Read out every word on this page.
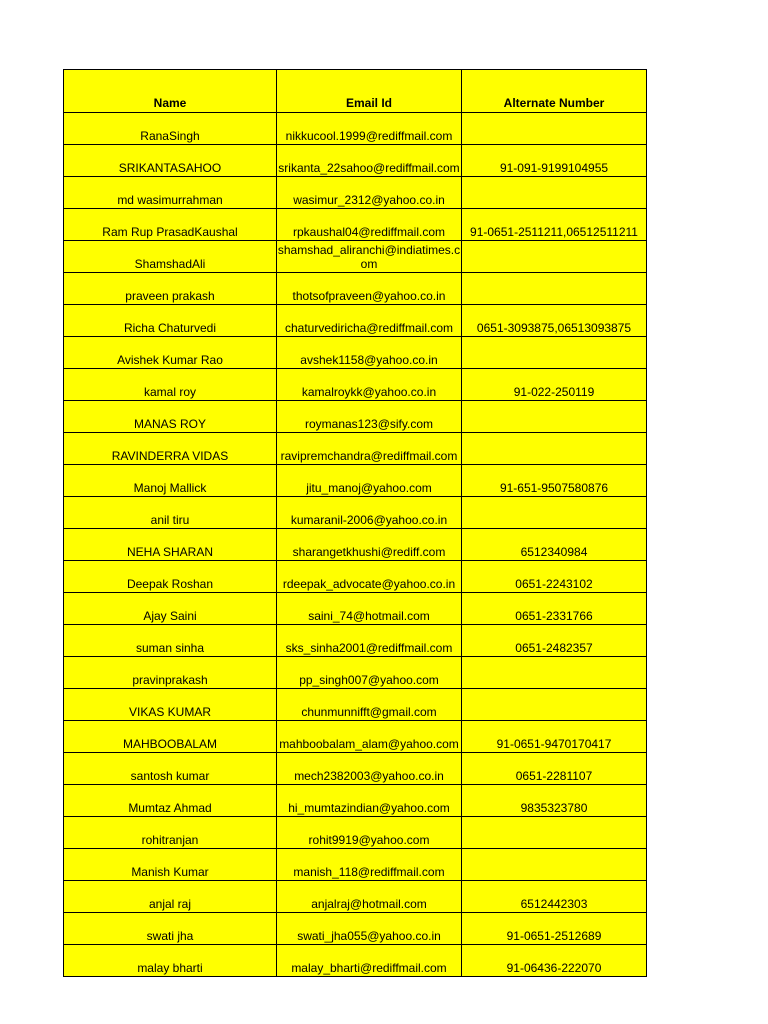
Name	Email Id	Alternate Number
RanaSingh	nikkucool.1999@rediffmail.com	
SRIKANTASAHOO	srikanta_22sahoo@rediffmail.com	91-091-9199104955
md wasimurrahman	wasimur_2312@yahoo.co.in	
Ram Rup PrasadKaushal	rpkaushal04@rediffmail.com	91-0651-2511211,06512511211
ShamshadAli	shamshad_aliranchi@indiatimes.com	
praveen prakash	thotsofpraveen@yahoo.co.in	
Richa Chaturvedi	chaturvediricha@rediffmail.com	0651-3093875,06513093875
Avishek Kumar Rao	avshek1158@yahoo.co.in	
kamal roy	kamalroykk@yahoo.co.in	91-022-250119
MANAS ROY	roymanas123@sify.com	
RAVINDERRA VIDAS	ravipremchandra@rediffmail.com	
Manoj Mallick	jitu_manoj@yahoo.com	91-651-9507580876
anil tiru	kumaranil-2006@yahoo.co.in	
NEHA SHARAN	sharangetkhushi@rediff.com	6512340984
Deepak Roshan	rdeepak_advocate@yahoo.co.in	0651-2243102
Ajay Saini	saini_74@hotmail.com	0651-2331766
suman sinha	sks_sinha2001@rediffmail.com	0651-2482357
pravinprakash	pp_singh007@yahoo.com	
VIKAS KUMAR	chunmunnifft@gmail.com	
MAHBOOBALAM	mahboobalam_alam@yahoo.com	91-0651-9470170417
santosh kumar	mech2382003@yahoo.co.in	0651-2281107
Mumtaz Ahmad	hi_mumtazindian@yahoo.com	9835323780
rohitranjan	rohit9919@yahoo.com	
Manish Kumar	manish_118@rediffmail.com	
anjal raj	anjalraj@hotmail.com	6512442303
swati jha	swati_jha055@yahoo.co.in	91-0651-2512689
malay bharti	malay_bharti@rediffmail.com	91-06436-222070
